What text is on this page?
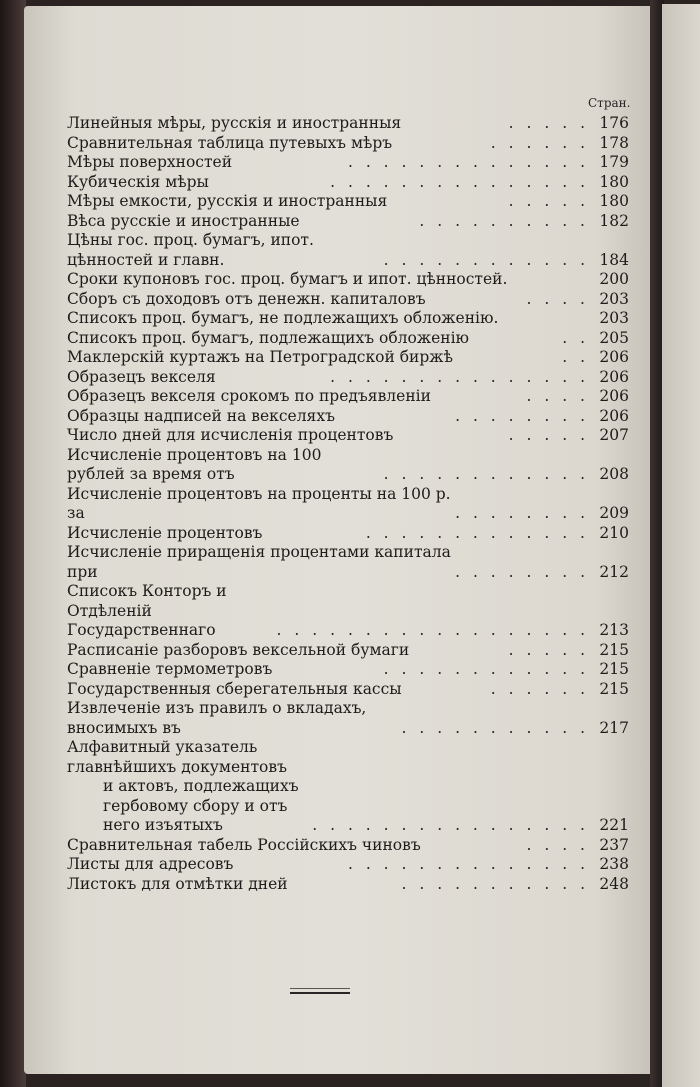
Стран.
Линейныя мѣры, русскія и иностранныя	. . . . . 176
Сравнительная таблица путевыхъ мѣръ	. . . . . . 178
Мѣры поверхностей	. . . . . . . . . . . . . . 179
Кубическія мѣры	. . . . . . . . . . . . . . . 180
Мѣры емкости, русскія и иностранныя	. . . . . 180
Вѣса русскіе и иностранные	. . . . . . . . . . 182
Цѣны гос. проц. бумагъ, ипот. цѣнностей и главн.	. . . . . . . . . . . . 184
Сроки купоновъ гос. проц. бумагъ и ипот. цѣнностей.	200
Сборъ съ доходовъ отъ денежн. капиталовъ	. . . . 203
Списокъ проц. бумагъ, не подлежащихъ обложенію.	203
Списокъ проц. бумагъ, подлежащихъ обложенію	. . 205
Маклерскій куртажъ на Петроградской биржѣ	. . 206
Образецъ векселя	. . . . . . . . . . . . . . . 206
Образецъ векселя срокомъ по предъявленіи	. . . . 206
Образцы надписей на векселяхъ	. . . . . . . . 206
Число дней для исчисленія процентовъ	. . . . . 207
Исчисленіе процентовъ на 100 рублей за время отъ	. . . . . . . . . . . . 208
Исчисленіе процентовъ на проценты на 100 р. за	. . . . . . . . 209
Исчисленіе процентовъ	. . . . . . . . . . . . . 210
Исчисленіе приращенія процентами капитала при	. . . . . . . . 212
Списокъ Конторъ и Отдѣленій Государственнаго	. . . . . . . . . . . . . . . . . . 213
Расписаніе разборовъ вексельной бумаги	. . . . . 215
Сравненіе термометровъ	. . . . . . . . . . . . 215
Государственныя сберегательныя кассы	. . . . . . 215
Извлеченіе изъ правилъ о вкладахъ, вносимыхъ въ	. . . . . . . . . . . 217
Алфавитный указатель главнѣйшихъ документовъ
и актовъ, подлежащихъ гербовому сбору и отъ
него изъятыхъ	. . . . . . . . . . . . . . . . 221
Сравнительная табель Россійскихъ чиновъ	. . . . 237
Листы для адресовъ	. . . . . . . . . . . . . . 238
Листокъ для отмѣтки дней	. . . . . . . . . . . 248
